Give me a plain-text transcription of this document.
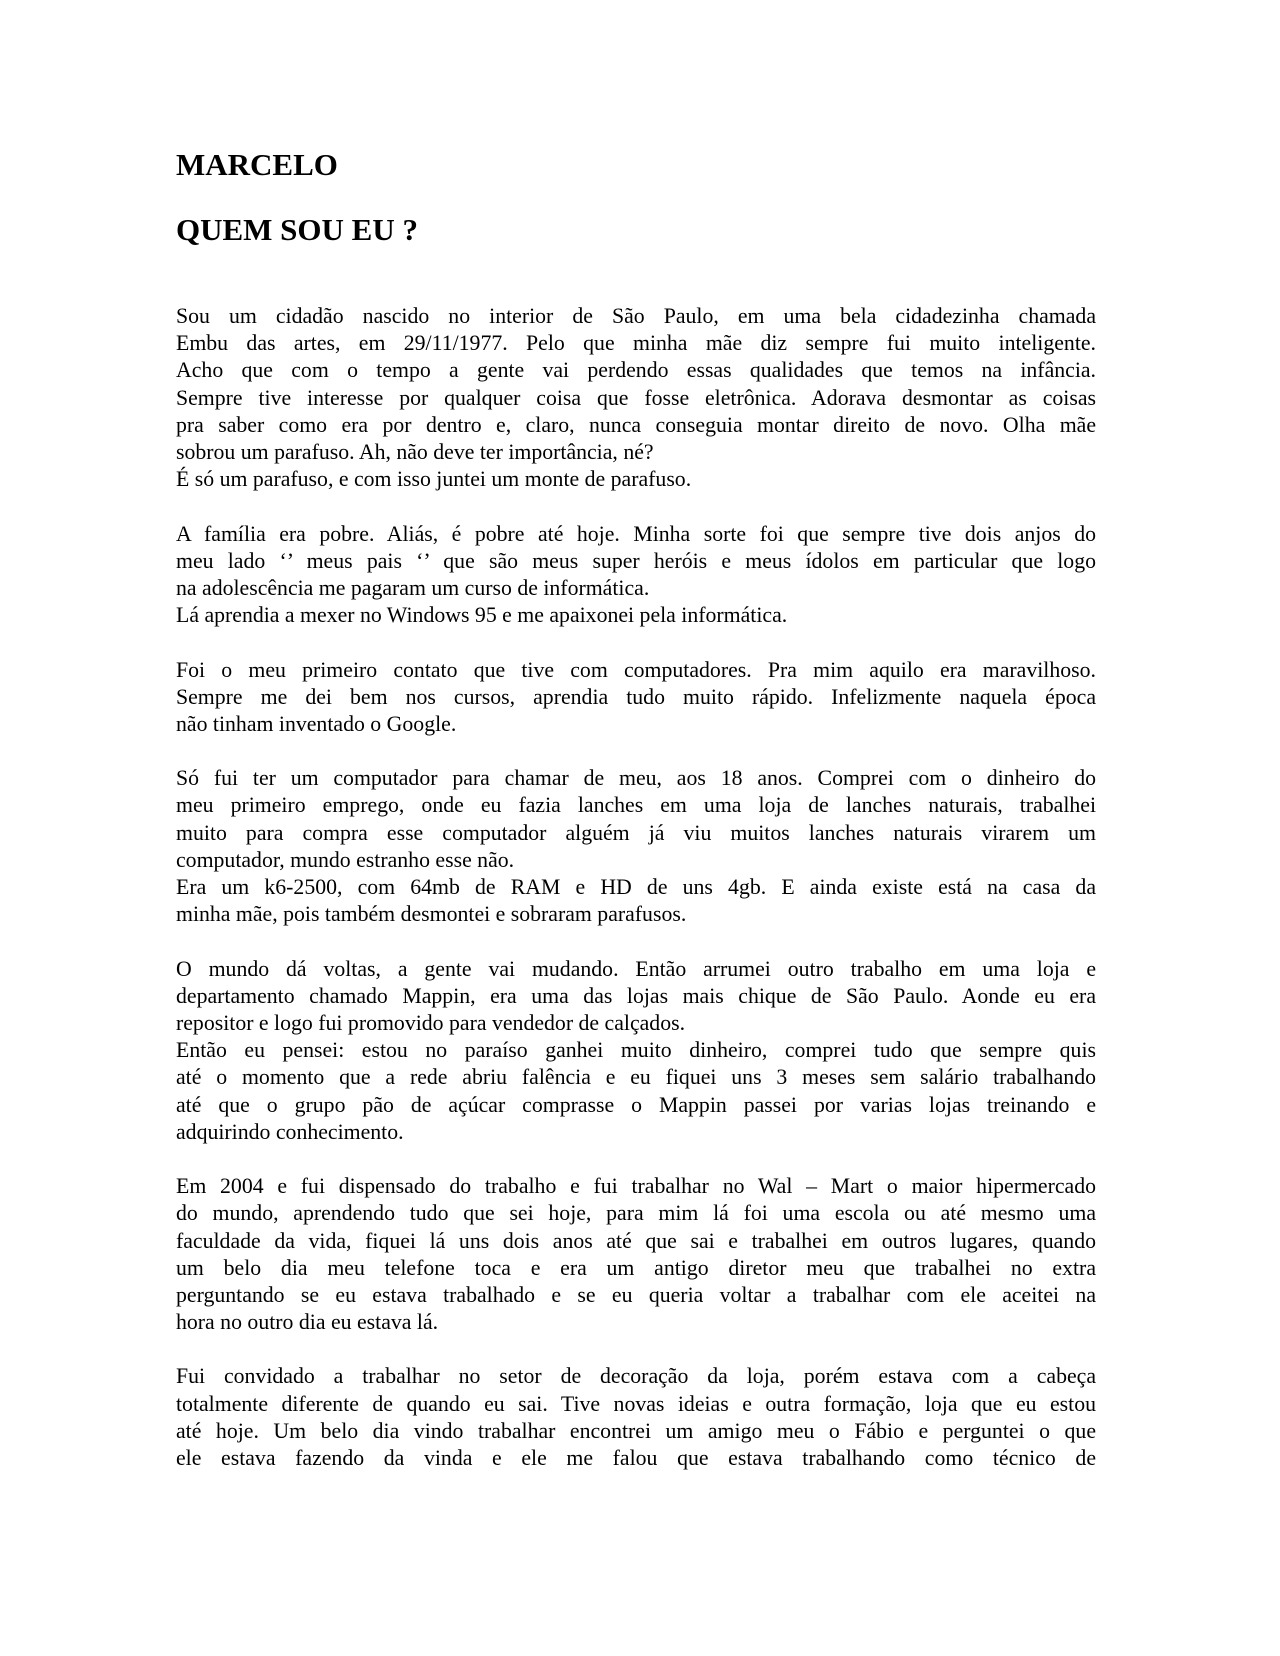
MARCELO
QUEM SOU EU ?

Sou um cidadão nascido no interior de São Paulo, em uma bela cidadezinha chamada
Embu das artes, em 29/11/1977. Pelo que minha mãe diz sempre fui muito inteligente.
Acho que com o tempo a gente vai perdendo essas qualidades que temos na infância.
Sempre tive interesse por qualquer coisa que fosse eletrônica. Adorava desmontar as coisas
pra saber como era por dentro e, claro, nunca conseguia montar direito de novo. Olha mãe
sobrou um parafuso. Ah, não deve ter importância, né?
É só um parafuso, e com isso juntei um monte de parafuso.

A família era pobre. Aliás, é pobre até hoje. Minha sorte foi que sempre tive dois anjos do
meu lado ‘’ meus pais ‘’ que são meus super heróis e meus ídolos em particular que logo
na adolescência me pagaram um curso de informática.
Lá aprendia a mexer no Windows 95 e me apaixonei pela informática.

Foi o meu primeiro contato que tive com computadores. Pra mim aquilo era maravilhoso.
Sempre me dei bem nos cursos, aprendia tudo muito rápido. Infelizmente naquela época
não tinham inventado o Google.

Só fui ter um computador para chamar de meu, aos 18 anos. Comprei com o dinheiro do
meu primeiro emprego, onde eu fazia lanches em uma loja de lanches naturais, trabalhei
muito para compra esse computador alguém já viu muitos lanches naturais virarem um
computador, mundo estranho esse não.
Era um k6-2500, com 64mb de RAM e HD de uns 4gb. E ainda existe está na casa da
minha mãe, pois também desmontei e sobraram parafusos.

O mundo dá voltas, a gente vai mudando. Então arrumei outro trabalho em uma loja e
departamento chamado Mappin, era uma das lojas mais chique de São Paulo. Aonde eu era
repositor e logo fui promovido para vendedor de calçados.
Então eu pensei: estou no paraíso ganhei muito dinheiro, comprei tudo que sempre quis
até o momento que a rede abriu falência e eu fiquei uns 3 meses sem salário trabalhando
até que o grupo pão de açúcar comprasse o Mappin passei por varias lojas treinando e
adquirindo conhecimento.

Em 2004 e fui dispensado do trabalho e fui trabalhar no Wal – Mart o maior hipermercado
do mundo, aprendendo tudo que sei hoje, para mim lá foi uma escola ou até mesmo uma
faculdade da vida, fiquei lá uns dois anos até que sai e trabalhei em outros lugares, quando
um belo dia meu telefone toca e era um antigo diretor meu que trabalhei no extra
perguntando se eu estava trabalhado e se eu queria voltar a trabalhar com ele aceitei na
hora no outro dia eu estava lá.

Fui convidado a trabalhar no setor de decoração da loja, porém estava com a cabeça
totalmente diferente de quando eu sai. Tive novas ideias e outra formação, loja que eu estou
até hoje. Um belo dia vindo trabalhar encontrei um amigo meu o Fábio e perguntei o que
ele estava fazendo da vinda e ele me falou que estava trabalhando como técnico de
